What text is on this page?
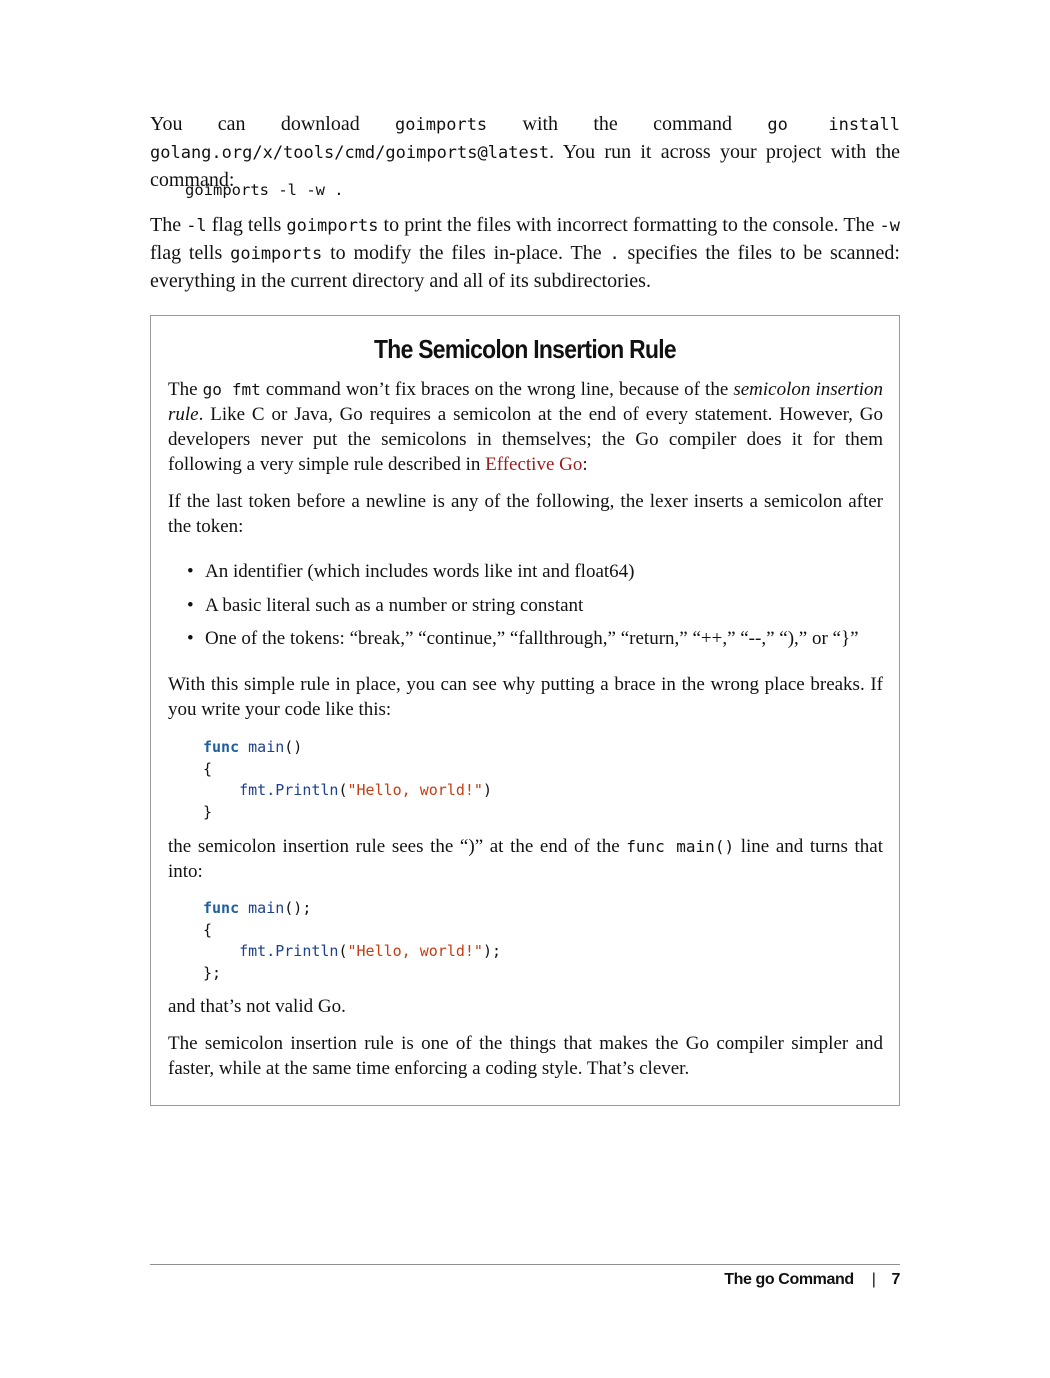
You can download goimports with the command go install golang.org/x/tools/cmd/goimports@latest. You run it across your project with the command:

goimports -l -w .

The -l flag tells goimports to print the files with incorrect formatting to the console. The -w flag tells goimports to modify the files in-place. The . specifies the files to be scanned: everything in the current directory and all of its subdirectories.

The Semicolon Insertion Rule

The go fmt command won’t fix braces on the wrong line, because of the semicolon insertion rule. Like C or Java, Go requires a semicolon at the end of every statement. However, Go developers never put the semicolons in themselves; the Go compiler does it for them following a very simple rule described in Effective Go:

If the last token before a newline is any of the following, the lexer inserts a semicolon after the token:

• An identifier (which includes words like int and float64)
• A basic literal such as a number or string constant
• One of the tokens: “break,” “continue,” “fallthrough,” “return,” “++,” “--,” “),” or “}”

With this simple rule in place, you can see why putting a brace in the wrong place breaks. If you write your code like this:

func main()
{
fmt.Println("Hello, world!")
}

the semicolon insertion rule sees the “)” at the end of the func main() line and turns that into:

func main();
{
fmt.Println("Hello, world!");
};

and that’s not valid Go.

The semicolon insertion rule is one of the things that makes the Go compiler simpler and faster, while at the same time enforcing a coding style. That’s clever.

The go Command | 7
